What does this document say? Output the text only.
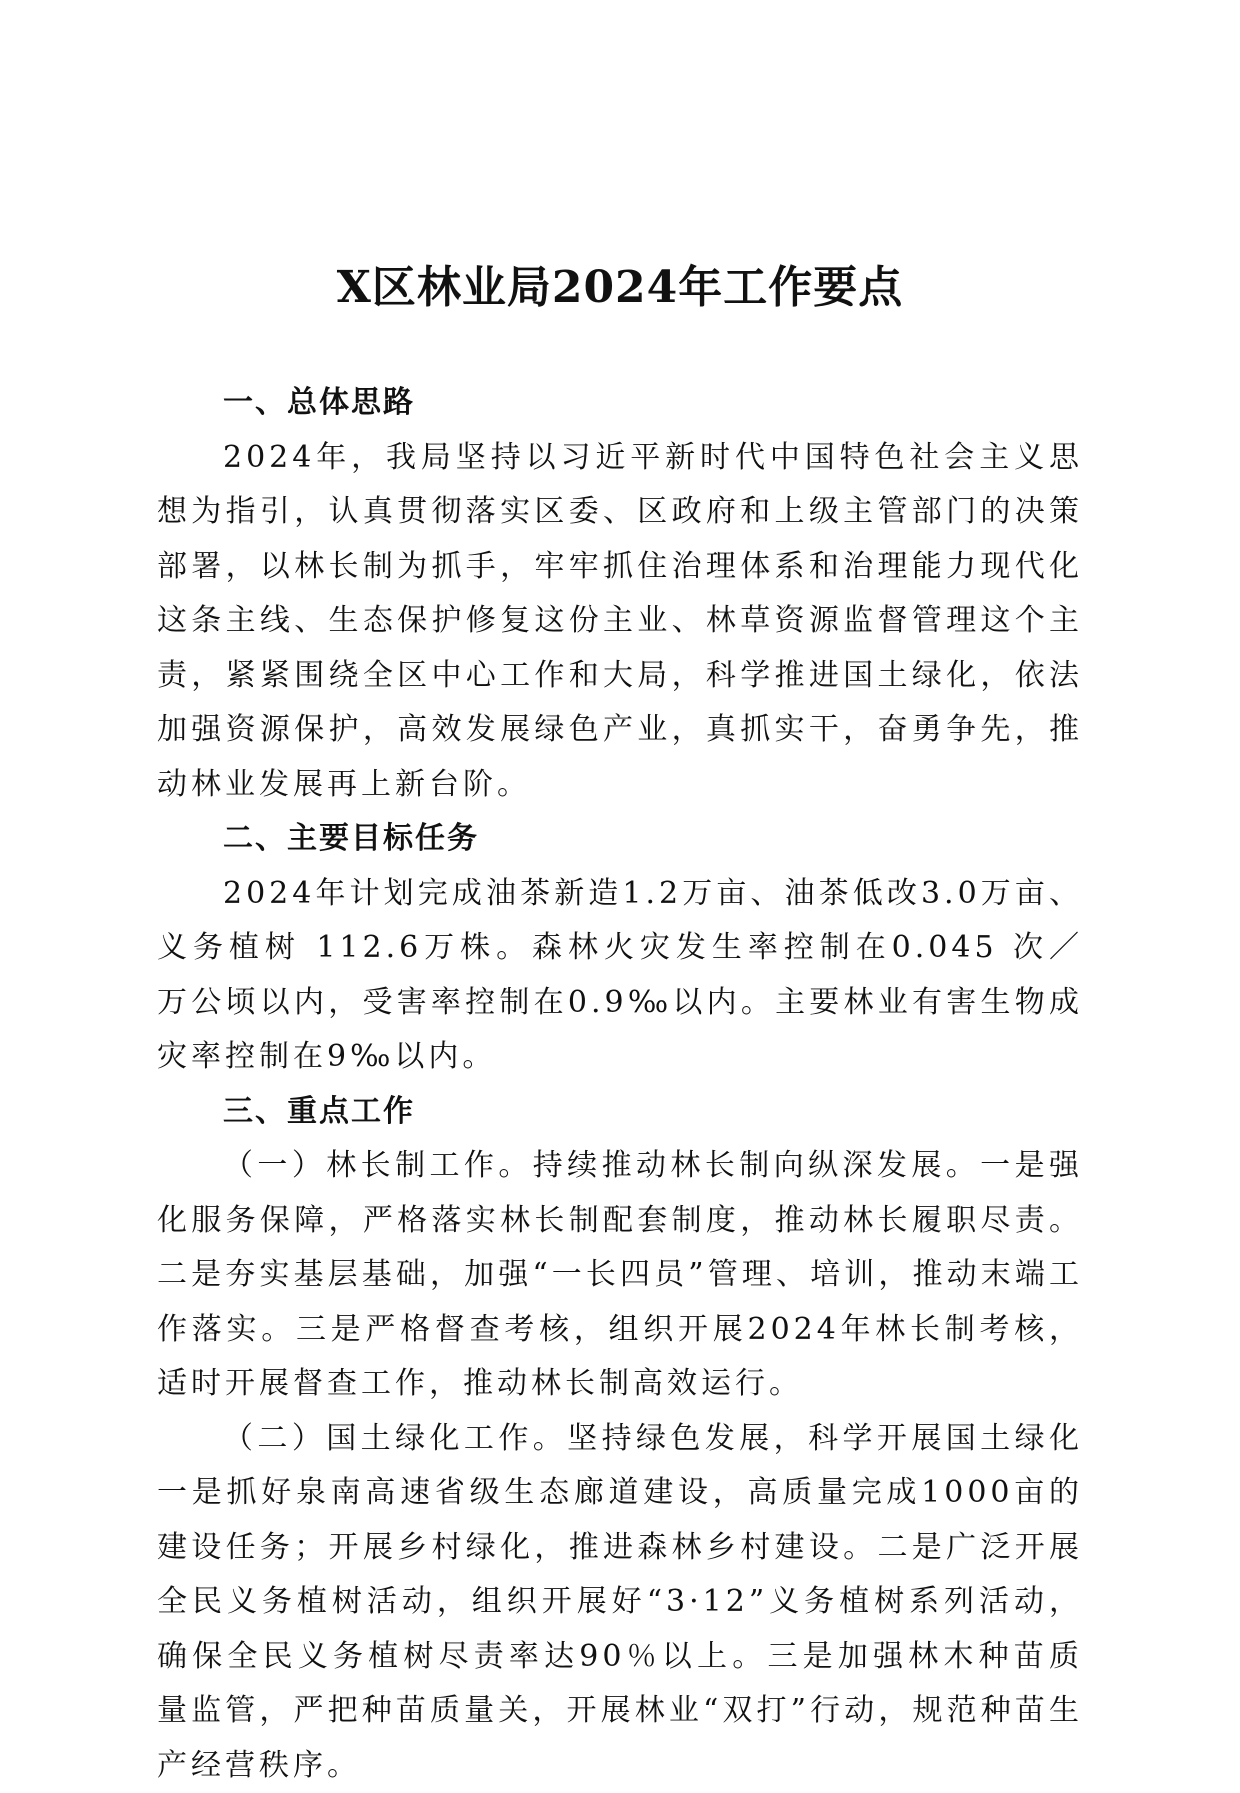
X区林业局2024年工作要点

一、总体思路

2024年，我局坚持以习近平新时代中国特色社会主义思想为指引，认真贯彻落实区委、区政府和上级主管部门的决策部署，以林长制为抓手，牢牢抓住治理体系和治理能力现代化这条主线、生态保护修复这份主业、林草资源监督管理这个主责，紧紧围绕全区中心工作和大局，科学推进国土绿化，依法加强资源保护，高效发展绿色产业，真抓实干，奋勇争先，推动林业发展再上新台阶。

二、主要目标任务

2024年计划完成油茶新造1.2万亩、油茶低改3.0万亩、义务植树 112.6万株。森林火灾发生率控制在0.045 次／ 万公顷以内，受害率控制在0.9‰以内。主要林业有害生物成灾率控制在9‰以内。

三、重点工作

（一）林长制工作。持续推动林长制向纵深发展。一是强化服务保障，严格落实林长制配套制度，推动林长履职尽责。二是夯实基层基础，加强“一长四员”管理、培训，推动末端工作落实。三是严格督查考核，组织开展2024年林长制考核，适时开展督查工作，推动林长制高效运行。

（二）国土绿化工作。坚持绿色发展，科学开展国土绿化一是抓好泉南高速省级生态廊道建设，高质量完成1000亩的建设任务；开展乡村绿化，推进森林乡村建设。二是广泛开展全民义务植树活动，组织开展好“3·12”义务植树系列活动，确保全民义务植树尽责率达90％以上。三是加强林木种苗质量监管，严把种苗质量关，开展林业“双打”行动，规范种苗生产经营秩序。
